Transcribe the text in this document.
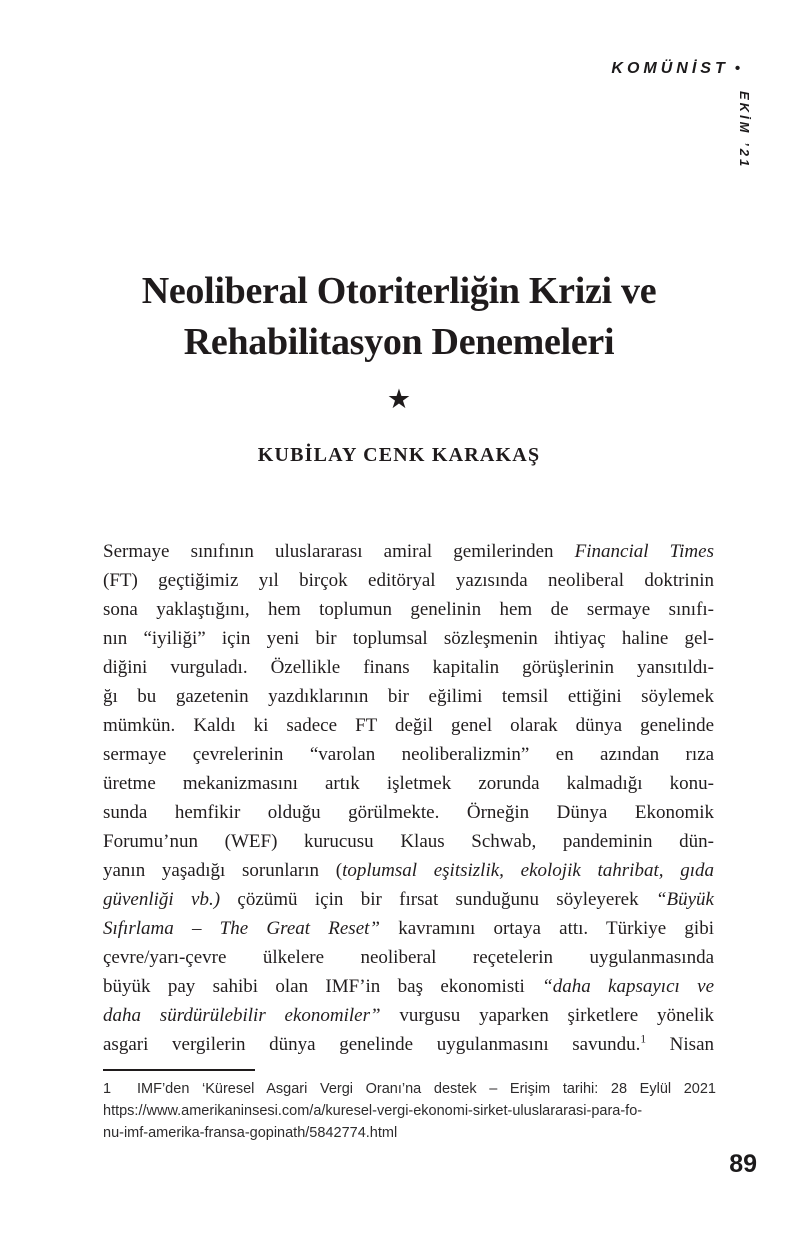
KOMÜNİST •
EKİM ’21
Neoliberal Otoriterliğin Krizi ve
Rehabilitasyon Denemeleri
★
KUBİLAY CENK KARAKAŞ
Sermaye sınıfının uluslararası amiral gemilerinden Financial Times
(FT) geçtiğimiz yıl birçok editöryal yazısında neoliberal doktrinin
sona yaklaştığını, hem toplumun genelinin hem de sermaye sınıfı-
nın “iyiliği” için yeni bir toplumsal sözleşmenin ihtiyaç haline gel-
diğini vurguladı. Özellikle finans kapitalin görüşlerinin yansıtıldı-
ğı bu gazetenin yazdıklarının bir eğilimi temsil ettiğini söylemek
mümkün. Kaldı ki sadece FT değil genel olarak dünya genelinde
sermaye çevrelerinin “varolan neoliberalizmin” en azından rıza
üretme mekanizmasını artık işletmek zorunda kalmadığı konu-
sunda hemfikir olduğu görülmekte. Örneğin Dünya Ekonomik
Forumu’nun (WEF) kurucusu Klaus Schwab, pandeminin dün-
yanın yaşadığı sorunların (toplumsal eşitsizlik, ekolojik tahribat, gıda
güvenliği vb.) çözümü için bir fırsat sunduğunu söyleyerek “Büyük
Sıfırlama – The Great Reset” kavramını ortaya attı. Türkiye gibi
çevre/yarı-çevre ülkelere neoliberal reçetelerin uygulanmasında
büyük pay sahibi olan IMF’in baş ekonomisti “daha kapsayıcı ve
daha sürdürülebilir ekonomiler” vurgusu yaparken şirketlere yönelik
asgari vergilerin dünya genelinde uygulanmasını savundu.$^1$ Nisan
1 IMF’den ‘Küresel Asgari Vergi Oranı’na destek – Erişim tarihi: 28 Eylül 2021
https://www.amerikaninsesi.com/a/kuresel-vergi-ekonomi-sirket-uluslararasi-para-fo-
nu-imf-amerika-fransa-gopinath/5842774.html
89
